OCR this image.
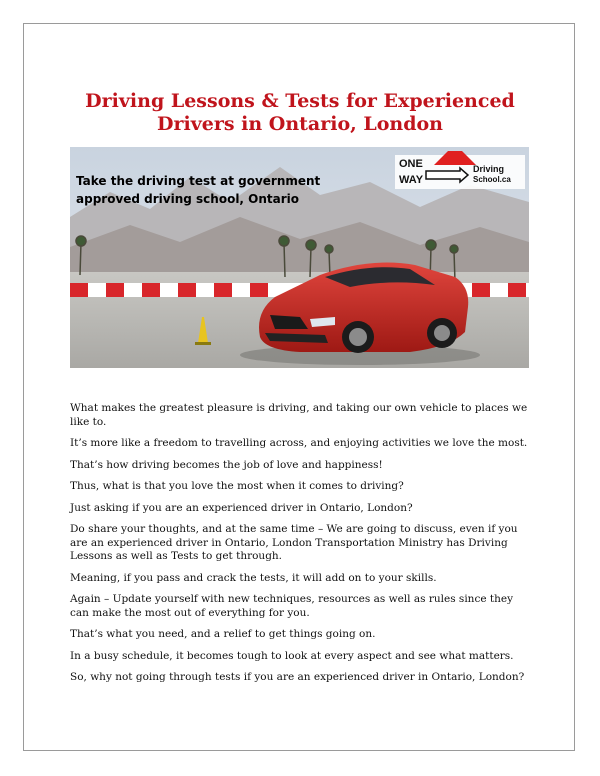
Driving Lessons & Tests for Experienced
Drivers in Ontario, London
ONE
WAY
Driving
School.ca
Take the driving test at government
approved driving school, Ontario

What makes the greatest pleasure is driving, and taking our own vehicle to places we like to.

It’s more like a freedom to travelling across, and enjoying activities we love the most.

That’s how driving becomes the job of love and happiness!

Thus, what is that you love the most when it comes to driving?

Just asking if you are an experienced driver in Ontario, London?

Do share your thoughts, and at the same time – We are going to discuss, even if you are an experienced driver in Ontario, London Transportation Ministry has Driving Lessons as well as Tests to get through.

Meaning, if you pass and crack the tests, it will add on to your skills.

Again – Update yourself with new techniques, resources as well as rules since they can make the most out of everything for you.

That’s what you need, and a relief to get things going on.

In a busy schedule, it becomes tough to look at every aspect and see what matters.

So, why not going through tests if you are an experienced driver in Ontario, London?
